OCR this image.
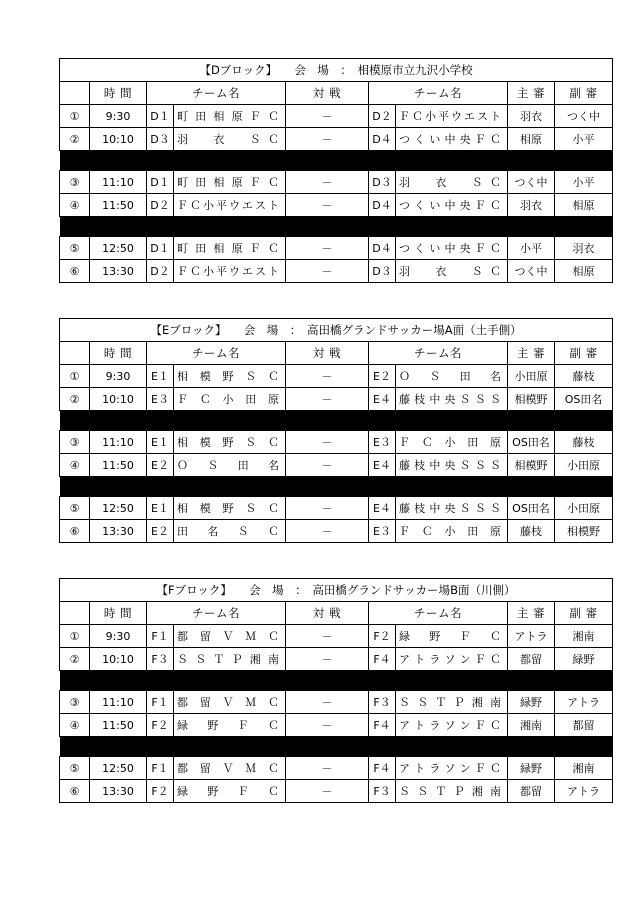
【Dブロック】　　会　場　：　相模原市立九沢小学校								
	時 間	チーム名		対 戦	チーム名		主 審	副 審
①	9:30	D１	町田相原ＦＣ	－	D２	ＦＣ小平ウエスト	羽衣	つく中
②	10:10	D３	羽　衣　ＳＣ	－	D４	つくい中央ＦＣ	相原	小平

③	11:10	D１	町田相原ＦＣ	－	D３	羽　衣　ＳＣ	つく中	小平
④	11:50	D２	ＦＣ小平ウエスト	－	D４	つくい中央ＦＣ	羽衣	相原

⑤	12:50	D１	町田相原ＦＣ	－	D４	つくい中央ＦＣ	小平	羽衣
⑥	13:30	D２	ＦＣ小平ウエスト	－	D３	羽　衣　ＳＣ	つく中	相原
【Eブロック】　　会　場　：　高田橋グランドサッカー場A面（土手側）								
	時 間	チーム名		対 戦	チーム名		主 審	副 審
①	9:30	E１	相模野ＳＣ	－	E２	ＯＳ田名	小田原	藤枝
②	10:10	E３	ＦＣ小田原	－	E４	藤枝中央ＳＳＳ	相模野	OS田名

③	11:10	E１	相模野ＳＣ	－	E３	ＦＣ小田原	OS田名	藤枝
④	11:50	E２	ＯＳ田名	－	E４	藤枝中央ＳＳＳ	相模野	小田原

⑤	12:50	E１	相模野ＳＣ	－	E４	藤枝中央ＳＳＳ	OS田名	小田原
⑥	13:30	E２	田名ＳＣ	－	E３	ＦＣ小田原	藤枝	相模野
【Fブロック】　　会　場　：　高田橋グランドサッカー場B面（川側）								
	時 間	チーム名		対 戦	チーム名		主 審	副 審
①	9:30	F１	都留ＶＭＣ	－	F２	緑野ＦＣ	アトラ	湘南
②	10:10	F３	ＳＳＴＰ湘南	－	F４	アトラソンＦＣ	都留	緑野

③	11:10	F１	都留ＶＭＣ	－	F３	ＳＳＴＰ湘南	緑野	アトラ
④	11:50	F２	緑野ＦＣ	－	F４	アトラソンＦＣ	湘南	都留

⑤	12:50	F１	都留ＶＭＣ	－	F４	アトラソンＦＣ	緑野	湘南
⑥	13:30	F２	緑野ＦＣ	－	F３	ＳＳＴＰ湘南	都留	アトラ
